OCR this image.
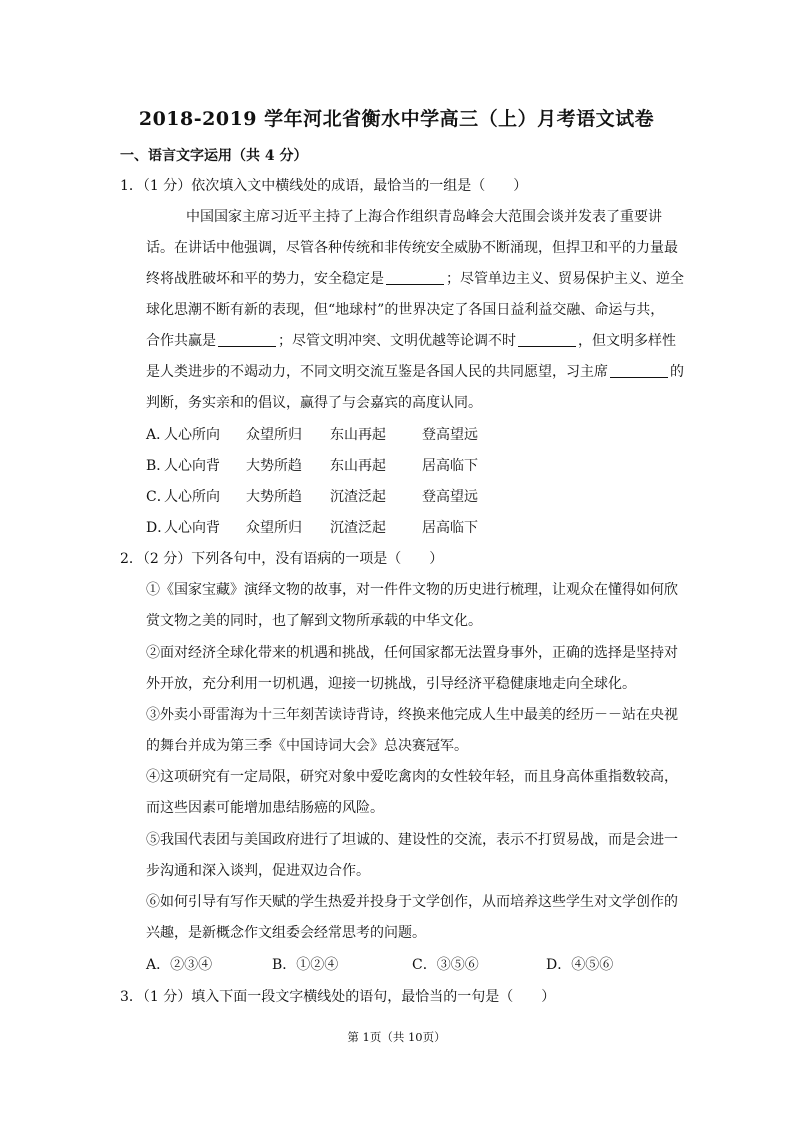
2018-2019 学年河北省衡水中学高三（上）月考语文试卷
一、语言文字运用（共 4 分）
1．（1 分）依次填入文中横线处的成语，最恰当的一组是（　　）
中国国家主席习近平主持了上海合作组织青岛峰会大范围会谈并发表了重要讲
话。在讲话中他强调，尽管各种传统和非传统安全威胁不断涌现，但捍卫和平的力量最
终将战胜破坏和平的势力，安全稳定是	；尽管单边主义、贸易保护主义、逆全
球化思潮不断有新的表现，但“地球村”的世界决定了各国日益利益交融、命运与共，
合作共赢是	；尽管文明冲突、文明优越等论调不时	，但文明多样性
是人类进步的不竭动力，不同文明交流互鉴是各国人民的共同愿望，习主席	的
判断，务实亲和的倡议，赢得了与会嘉宾的高度认同。
A．
人心所向 众望所归 东山再起	登高望远
B．
人心向背 大势所趋 东山再起	居高临下
C．
人心所向 大势所趋 沉渣泛起	登高望远
D．
人心向背 众望所归 沉渣泛起	居高临下
2．（2 分）下列各句中，没有语病的一项是（　　）
①《国家宝藏》演绎文物的故事，对一件件文物的历史进行梳理，让观众在懂得如何欣
赏文物之美的同时，也了解到文物所承载的中华文化。
②面对经济全球化带来的机遇和挑战，任何国家都无法置身事外，正确的选择是坚持对
外开放，充分利用一切机遇，迎接一切挑战，引导经济平稳健康地走向全球化。
③外卖小哥雷海为十三年刻苦读诗背诗，终换来他完成人生中最美的经历－－站在央视
的舞台并成为第三季《中国诗词大会》总决赛冠军。
④这项研究有一定局限，研究对象中爱吃禽肉的女性较年轻，而且身高体重指数较高，
而这些因素可能增加患结肠癌的风险。
⑤我国代表团与美国政府进行了坦诚的、建设性的交流，表示不打贸易战，而是会进一
步沟通和深入谈判，促进双边合作。
⑥如何引导有写作天赋的学生热爱并投身于文学创作，从而培养这些学生对文学创作的
兴趣，是新概念作文组委会经常思考的问题。
A．②③④	B．①②④	C．③⑤⑥	D．④⑤⑥
3．（1 分）填入下面一段文字横线处的语句，最恰当的一句是（　　）
第 1页（共 10页）
